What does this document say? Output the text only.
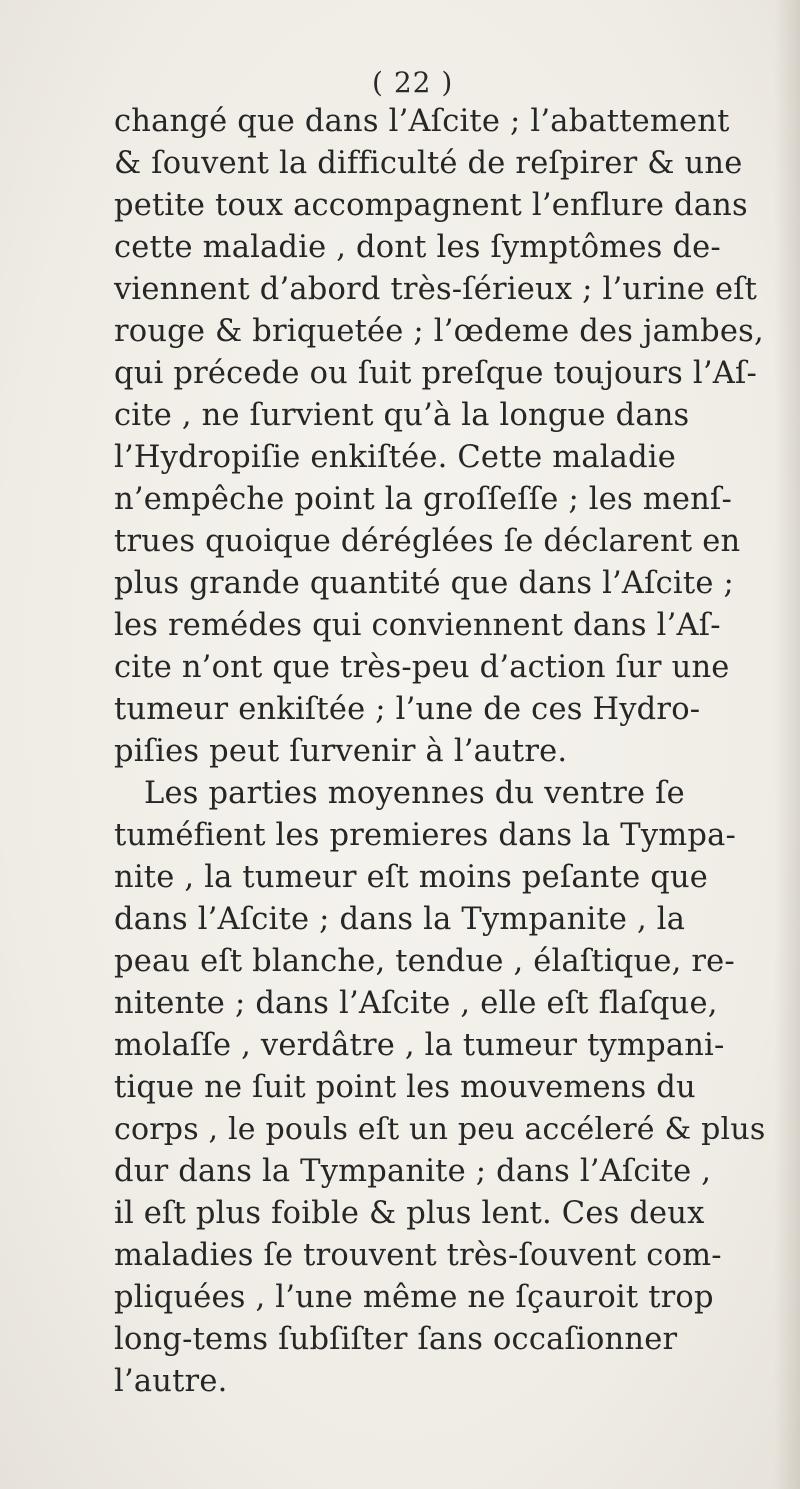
( 22 )
changé que dans l’Aſcite ; l’abattement
& ſouvent la difficulté de reſpirer & une
petite toux accompagnent l’enflure dans
cette maladie , dont les ſymptômes de-
viennent d’abord très-ſérieux ; l’urine eſt
rouge & briquetée ; l’œdeme des jambes,
qui précede ou ſuit preſque toujours l’Aſ-
cite , ne ſurvient qu’à la longue dans
l’Hydropiſie enkiſtée. Cette maladie
n’empêche point la groſſeſſe ; les menſ-
trues quoique déréglées ſe déclarent en
plus grande quantité que dans l’Aſcite ;
les remédes qui conviennent dans l’Aſ-
cite n’ont que très-peu d’action ſur une
tumeur enkiſtée ; l’une de ces Hydro-
piſies peut ſurvenir à l’autre.
Les parties moyennes du ventre ſe
tuméfient les premieres dans la Tympa-
nite , la tumeur eſt moins peſante que
dans l’Aſcite ; dans la Tympanite , la
peau eſt blanche, tendue , élaſtique, re-
nitente ; dans l’Aſcite , elle eſt flaſque,
molaſſe , verdâtre , la tumeur tympani-
tique ne ſuit point les mouvemens du
corps , le pouls eſt un peu accéleré & plus
dur dans la Tympanite ; dans l’Aſcite ,
il eſt plus foible & plus lent. Ces deux
maladies ſe trouvent très-ſouvent com-
pliquées , l’une même ne ſçauroit trop
long-tems ſubſiſter ſans occaſionner
l’autre.
